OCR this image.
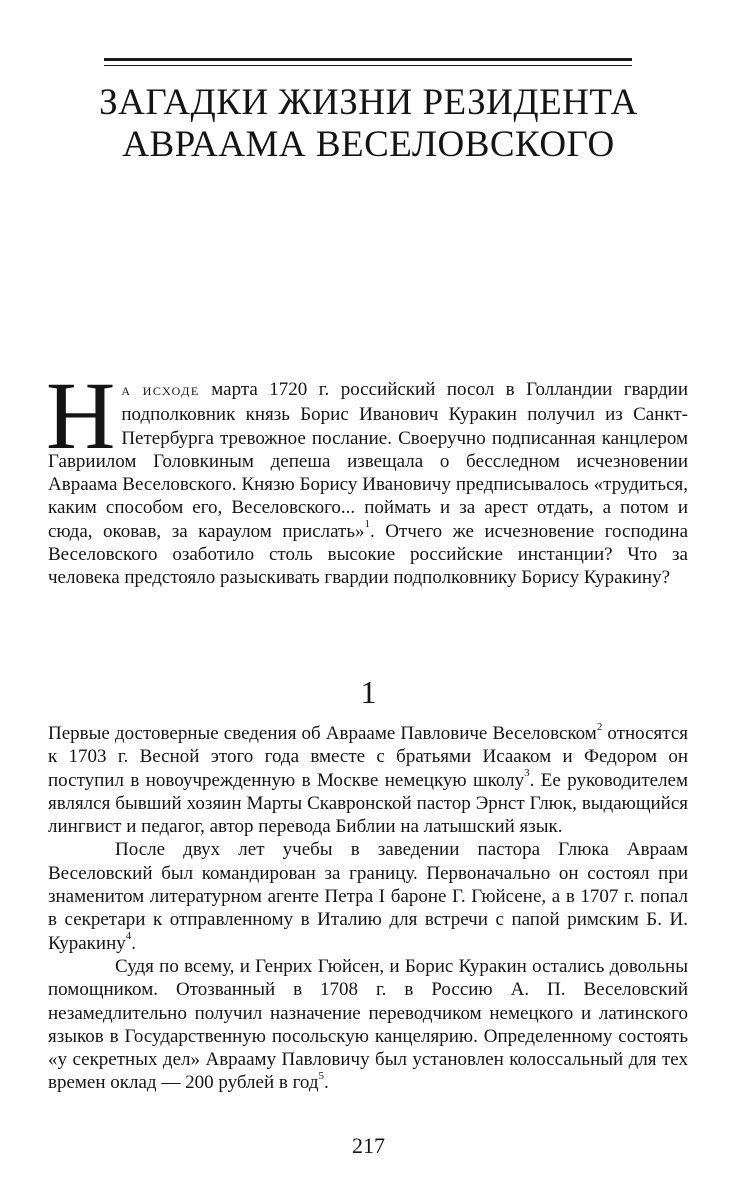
ЗАГАДКИ ЖИЗНИ РЕЗИДЕНТА
АВРААМА ВЕСЕЛОВСКОГО

НА ИСХОДЕ марта 1720 г. российский посол в Голландии гвардии подполковник князь Борис Иванович Куракин получил из Санкт-Петербурга тревожное послание. Своеручно подписанная канцлером Гавриилом Головкиным депеша извещала о бесследном исчезновении Авраама Веселовского. Князю Борису Ивановичу предписывалось «трудиться, каким способом его, Веселовского... поймать и за арест отдать, а потом и сюда, оковав, за караулом прислать»$^1$. Отчего же исчезновение господина Веселовского озаботило столь высокие российские инстанции? Что за человека предстояло разыскивать гвардии подполковнику Борису Куракину?

1

Первые достоверные сведения об Аврааме Павловиче Веселовском$^2$ относятся к 1703 г. Весной этого года вместе с братьями Исааком и Федором он поступил в новоучрежденную в Москве немецкую школу$^3$. Ее руководителем являлся бывший хозяин Марты Скавронской пастор Эрнст Глюк, выдающийся лингвист и педагог, автор перевода Библии на латышский язык.

После двух лет учебы в заведении пастора Глюка Авраам Веселовский был командирован за границу. Первоначально он состоял при знаменитом литературном агенте Петра I бароне Г. Гюйсене, а в 1707 г. попал в секретари к отправленному в Италию для встречи с папой римским Б. И. Куракину$^4$.

Судя по всему, и Генрих Гюйсен, и Борис Куракин остались довольны помощником. Отозванный в 1708 г. в Россию А. П. Веселовский незамедлительно получил назначение переводчиком немецкого и латинского языков в Государственную посольскую канцелярию. Определенному состоять «у секретных дел» Аврааму Павловичу был установлен колоссальный для тех времен оклад — 200 рублей в год$^5$.

217
